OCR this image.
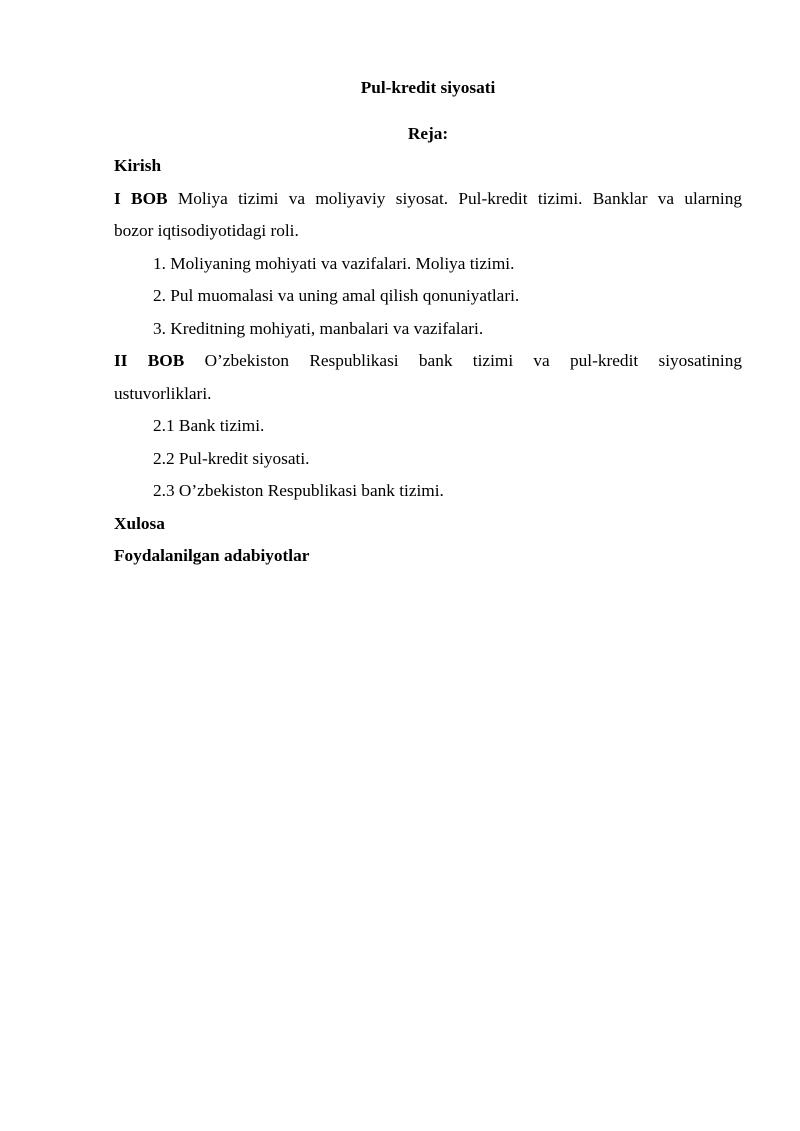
Pul-kredit siyosati

Reja:

Kirish

I BOB Moliya tizimi va moliyaviy siyosat. Pul-kredit tizimi. Banklar va ularning

bozor iqtisodiyotidagi roli.

1. Moliyaning mohiyati va vazifalari. Moliya tizimi.

2. Pul muomalasi va uning amal qilish qonuniyatlari.

3. Kreditning mohiyati, manbalari va vazifalari.

II BOB O’zbekiston Respublikasi bank tizimi va pul-kredit siyosatining

ustuvorliklari.

2.1 Bank tizimi.

2.2 Pul-kredit siyosati.

2.3 O’zbekiston Respublikasi bank tizimi.

Xulosa

Foydalanilgan adabiyotlar
